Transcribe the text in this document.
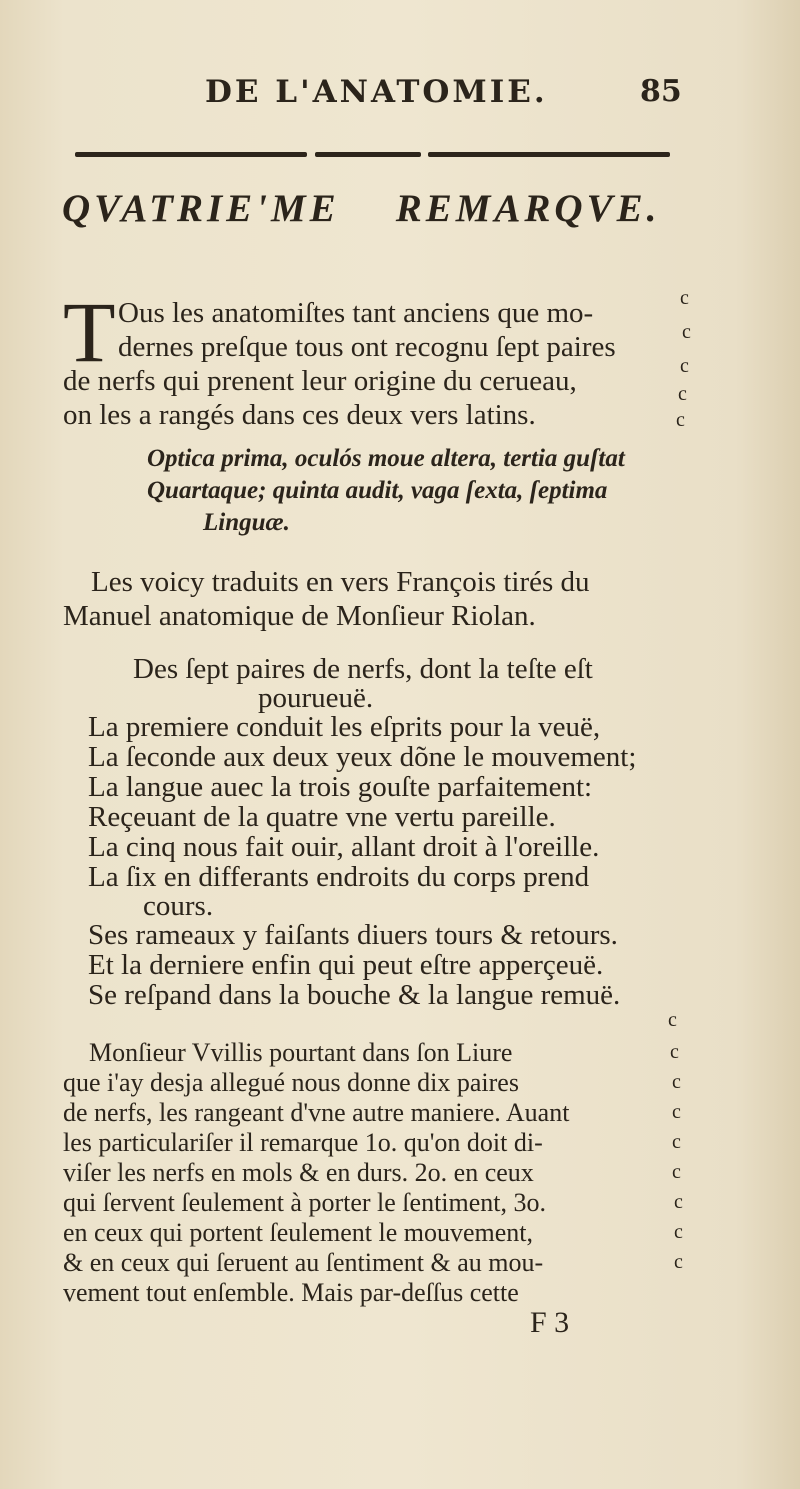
DE L'ANATOMIE.	85
QVATRIE'ME REMARQVE.
T Ous les anatomiſtes tant anciens que mo-
dernes preſque tous ont recognu ſept paires
de nerfs qui prenent leur origine du cerueau,
on les a rangés dans ces deux vers latins.
Optica prima, oculós moue altera, tertia guſtat
Quartaque; quinta audit, vaga ſexta, ſeptima
Linguæ.
Les voicy traduits en vers François tirés du
Manuel anatomique de Monſieur Riolan.
Des ſept paires de nerfs, dont la teſte eſt
pourueuë.
La premiere conduit les eſprits pour la veuë,
La ſeconde aux deux yeux dõne le mouvement;
La langue auec la trois gouſte parfaitement:
Reçeuant de la quatre vne vertu pareille.
La cinq nous fait ouir, allant droit à l'oreille.
La ſix en differants endroits du corps prend
cours.
Ses rameaux y faiſants diuers tours & retours.
Et la derniere enfin qui peut eſtre apperçeuë.
Se reſpand dans la bouche & la langue remuë.
Monſieur Vvillis pourtant dans ſon Liure
que i'ay desja allegué nous donne dix paires
de nerfs, les rangeant d'vne autre maniere. Auant
les particulariſer il remarque 1o. qu'on doit di-
viſer les nerfs en mols & en durs. 2o. en ceux
qui ſervent ſeulement à porter le ſentiment, 3o.
en ceux qui portent ſeulement le mouvement,
& en ceux qui ſeruent au ſentiment & au mou-
vement tout enſemble. Mais par-deſſus cette
c
c
c
c
c
c
c
c
c
c
c
c
c
c
F 3
